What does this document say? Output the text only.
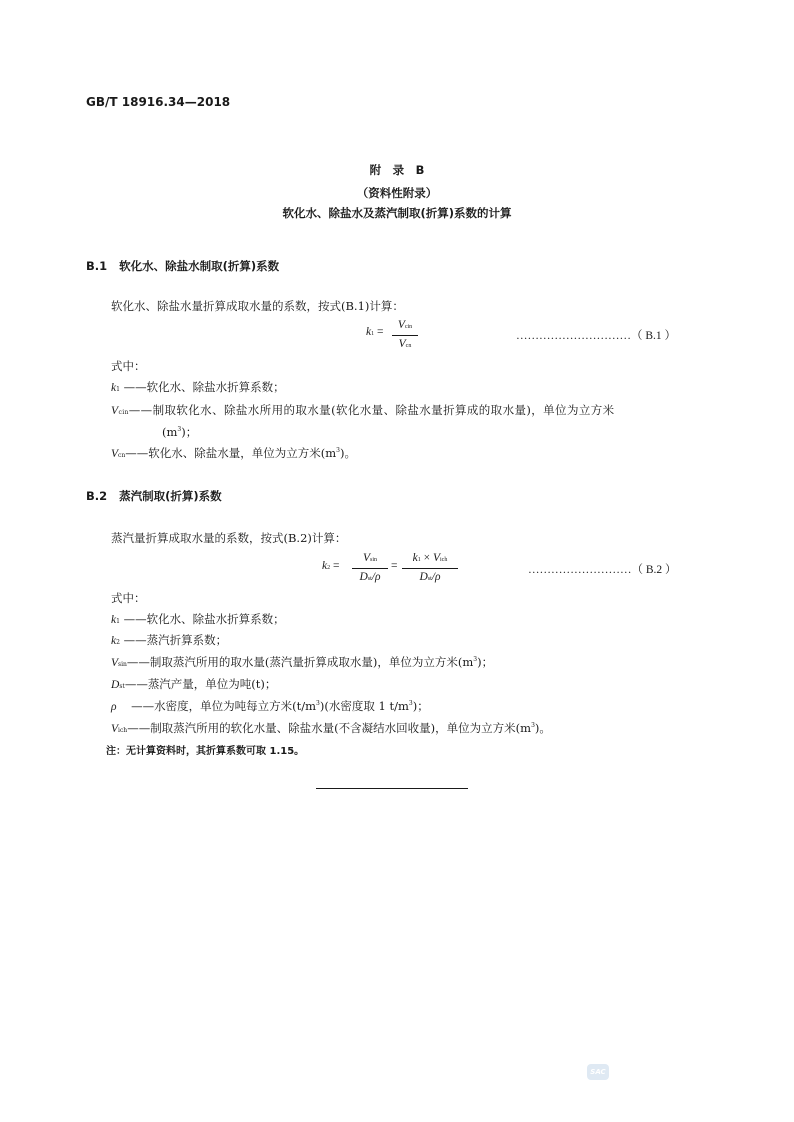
GB/T 18916.34—2018
附　录　B
（资料性附录）
软化水、除盐水及蒸汽制取(折算)系数的计算
B.1 软化水、除盐水制取(折算)系数
软化水、除盐水量折算成取水量的系数，按式(B.1)计算：
k1 =
Vcin
Vcn
…………………………（ B.1 ）
式中：
k1 ——软化水、除盐水折算系数；
Vcin——制取软化水、除盐水所用的取水量(软化水量、除盐水量折算成的取水量)，单位为立方米
$(m^3)$；
Vcn——软化水、除盐水量，单位为立方米$(m^3)$。
B.2 蒸汽制取(折算)系数
蒸汽量折算成取水量的系数，按式(B.2)计算：
k2 =
Vsin
Dst/ρ
=
k1 × Vich
Dst/ρ
………………………（ B.2 ）
式中：
k1 ——软化水、除盐水折算系数；
k2 ——蒸汽折算系数；
Vsin——制取蒸汽所用的取水量(蒸汽量折算成取水量)，单位为立方米$(m^3)$；
Dst——蒸汽产量，单位为吨(t)；
ρ ——水密度，单位为吨每立方米$(t/m^3)$(水密度取 1 $t/m^3$)；
Vich——制取蒸汽所用的软化水量、除盐水量(不含凝结水回收量)，单位为立方米$(m^3)$。
注：无计算资料时，其折算系数可取 1.15。
SAC
